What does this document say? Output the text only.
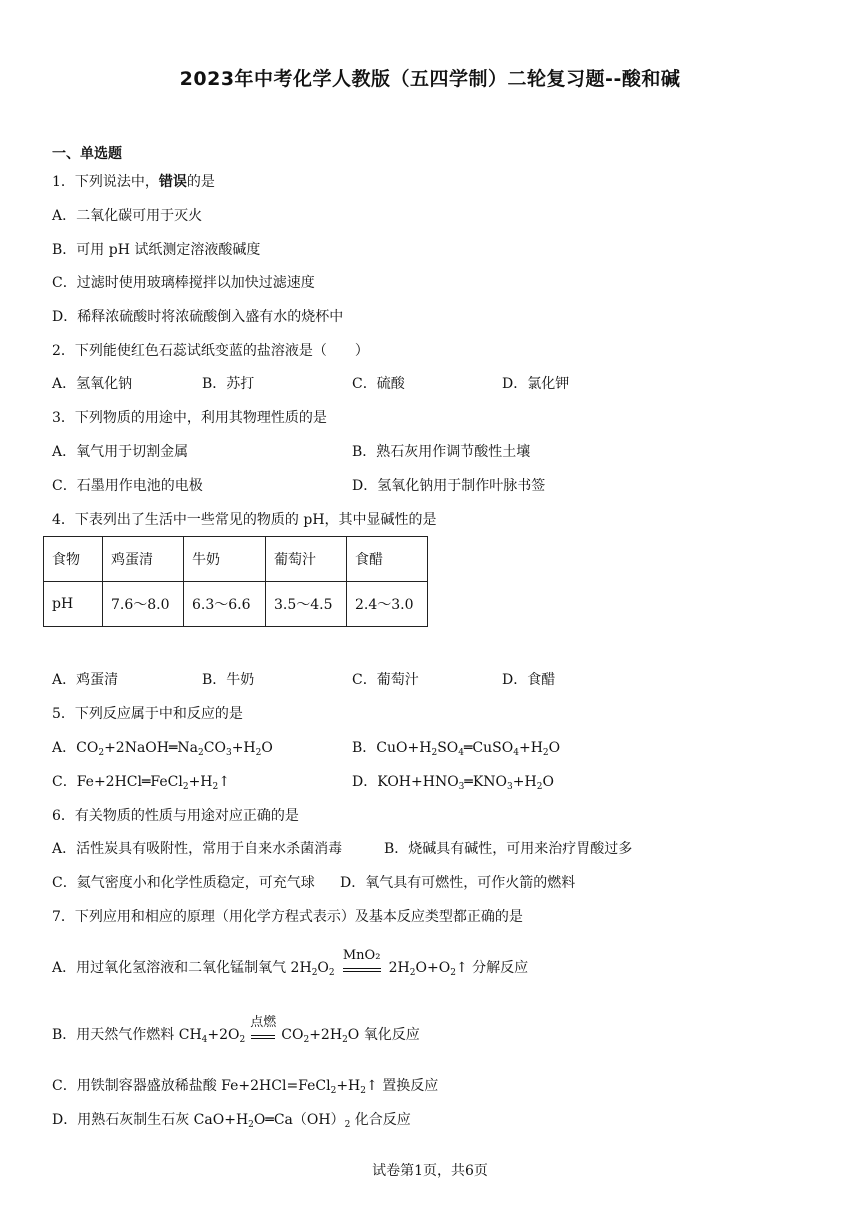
2023年中考化学人教版（五四学制）二轮复习题--酸和碱
一、单选题
1．下列说法中，错误的是
A．二氧化碳可用于灭火
B．可用 pH 试纸测定溶液酸碱度
C．过滤时使用玻璃棒搅拌以加快过滤速度
D．稀释浓硫酸时将浓硫酸倒入盛有水的烧杯中
2．下列能使红色石蕊试纸变蓝的盐溶液是（　　）
A．氢氧化钠	B．苏打	C．硫酸	D．氯化钾
3．下列物质的用途中，利用其物理性质的是
A．氧气用于切割金属	B．熟石灰用作调节酸性土壤
C．石墨用作电池的电极	D．氢氧化钠用于制作叶脉书签
4．下表列出了生活中一些常见的物质的 pH，其中显碱性的是
食物	鸡蛋清	牛奶	葡萄汁	食醋
pH	7.6～8.0	6.3～6.6	3.5～4.5	2.4～3.0
A．鸡蛋清	B．牛奶	C．葡萄汁	D．食醋
5．下列反应属于中和反应的是
A．$CO_2+2NaOH═Na_2CO_3+H_2O$	B．$CuO+H_2SO_4═CuSO_4+H_2O$
C．$Fe+2HCl═FeCl_2+H_2↑$	D．$KOH+HNO_3═KNO_3+H_2O$
6．有关物质的性质与用途对应正确的是
A．活性炭具有吸附性，常用于自来水杀菌消毒	B．烧碱具有碱性，可用来治疗胃酸过多
C．氦气密度小和化学性质稳定，可充气球 D．氧气具有可燃性，可作火箭的燃料
7．下列应用和相应的原理（用化学方程式表示）及基本反应类型都正确的是
A．用过氧化氢溶液和二氧化锰制氧气 $2H_2O_2$
MnO₂
$2H_2O+O_2↑$ 分解反应
B．用天然气作燃料 $CH_4+2O_2$
点燃
$CO_2+2H_2O$ 氧化反应
C．用铁制容器盛放稀盐酸 $Fe+2HCl=FeCl_2+H_2↑$ 置换反应
D．用熟石灰制生石灰 $CaO+H_2O═Ca(OH)_2$ 化合反应
试卷第1页，共6页
